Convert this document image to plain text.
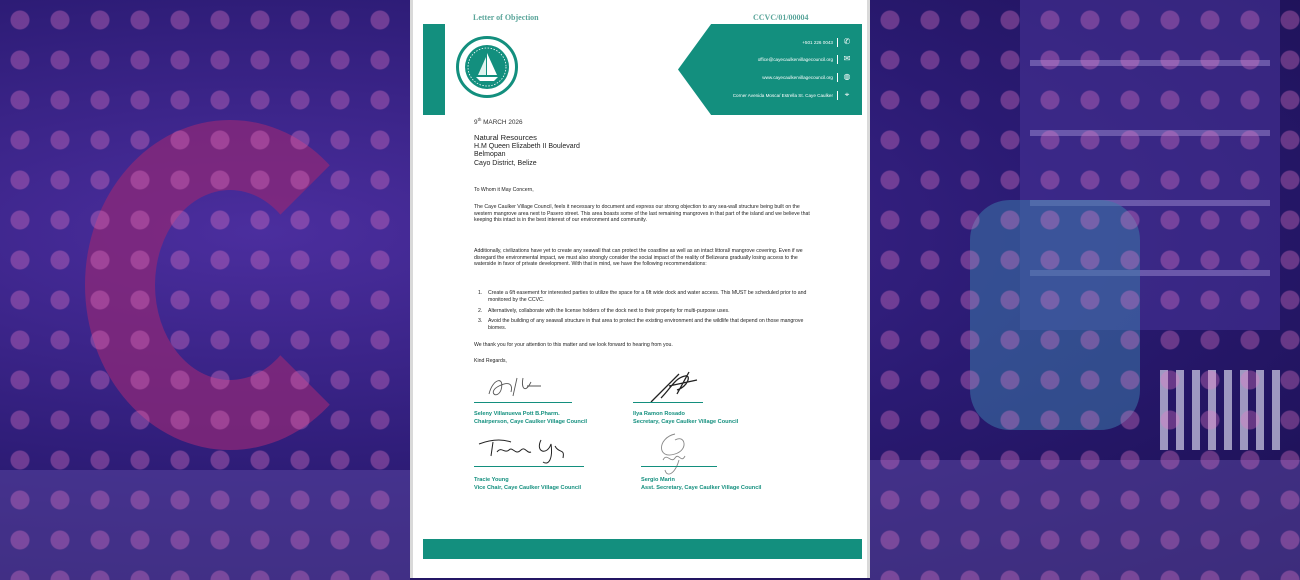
Letter of Objection	CCVC/01/00004
+501 226 0043	✆
office@cayecaulkervillagecouncil.org	✉
www.cayecaulkervillagecouncil.org	◍
Corner Avenida Mosca/ Estrella St. Caye Caulker	⌖
9th MARCH 2026
Natural Resources
H.M Queen Elizabeth II Boulevard
Belmopan
Cayo District, Belize
To Whom it May Concern,
The Caye Caulker Village Council, feels it necessary to document and express our strong objection to any sea-wall structure being built on the western mangrove area next to Pasero street. This area boasts some of the last remaining mangroves in that part of the island and we believe that keeping this intact is in the best interest of our environment and community.
Additionally, civilizations have yet to create any seawall that can protect the coastline as well as an intact littoral/ mangrove covering. Even if we disregard the environmental impact, we must also strongly consider the social impact of the reality of Belizeans gradually losing access to the waterside in favor of private development. With that in mind, we have the following recommendations:
1. Create a 6ft easement for interested parties to utilize the space for a 6ft wide dock and water access. This MUST be scheduled prior to and monitored by the CCVC.
2. Alternatively, collaborate with the license holders of the dock next to their property for multi-purpose uses.
3. Avoid the building of any seawall structure in that area to protect the existing environment and the wildlife that depend on those mangrove biomes.
We thank you for your attention to this matter and we look forward to hearing from you.
Kind Regards,
Seleny Villanueva Pott B.Pharm.
Chairperson, Caye Caulker Village Council
Ilya Ramon Rosado
Secretary, Caye Caulker Village Council
Tracie Young
Vice Chair, Caye Caulker Village Council
Sergio Marin
Asst. Secretary, Caye Caulker Village Council
